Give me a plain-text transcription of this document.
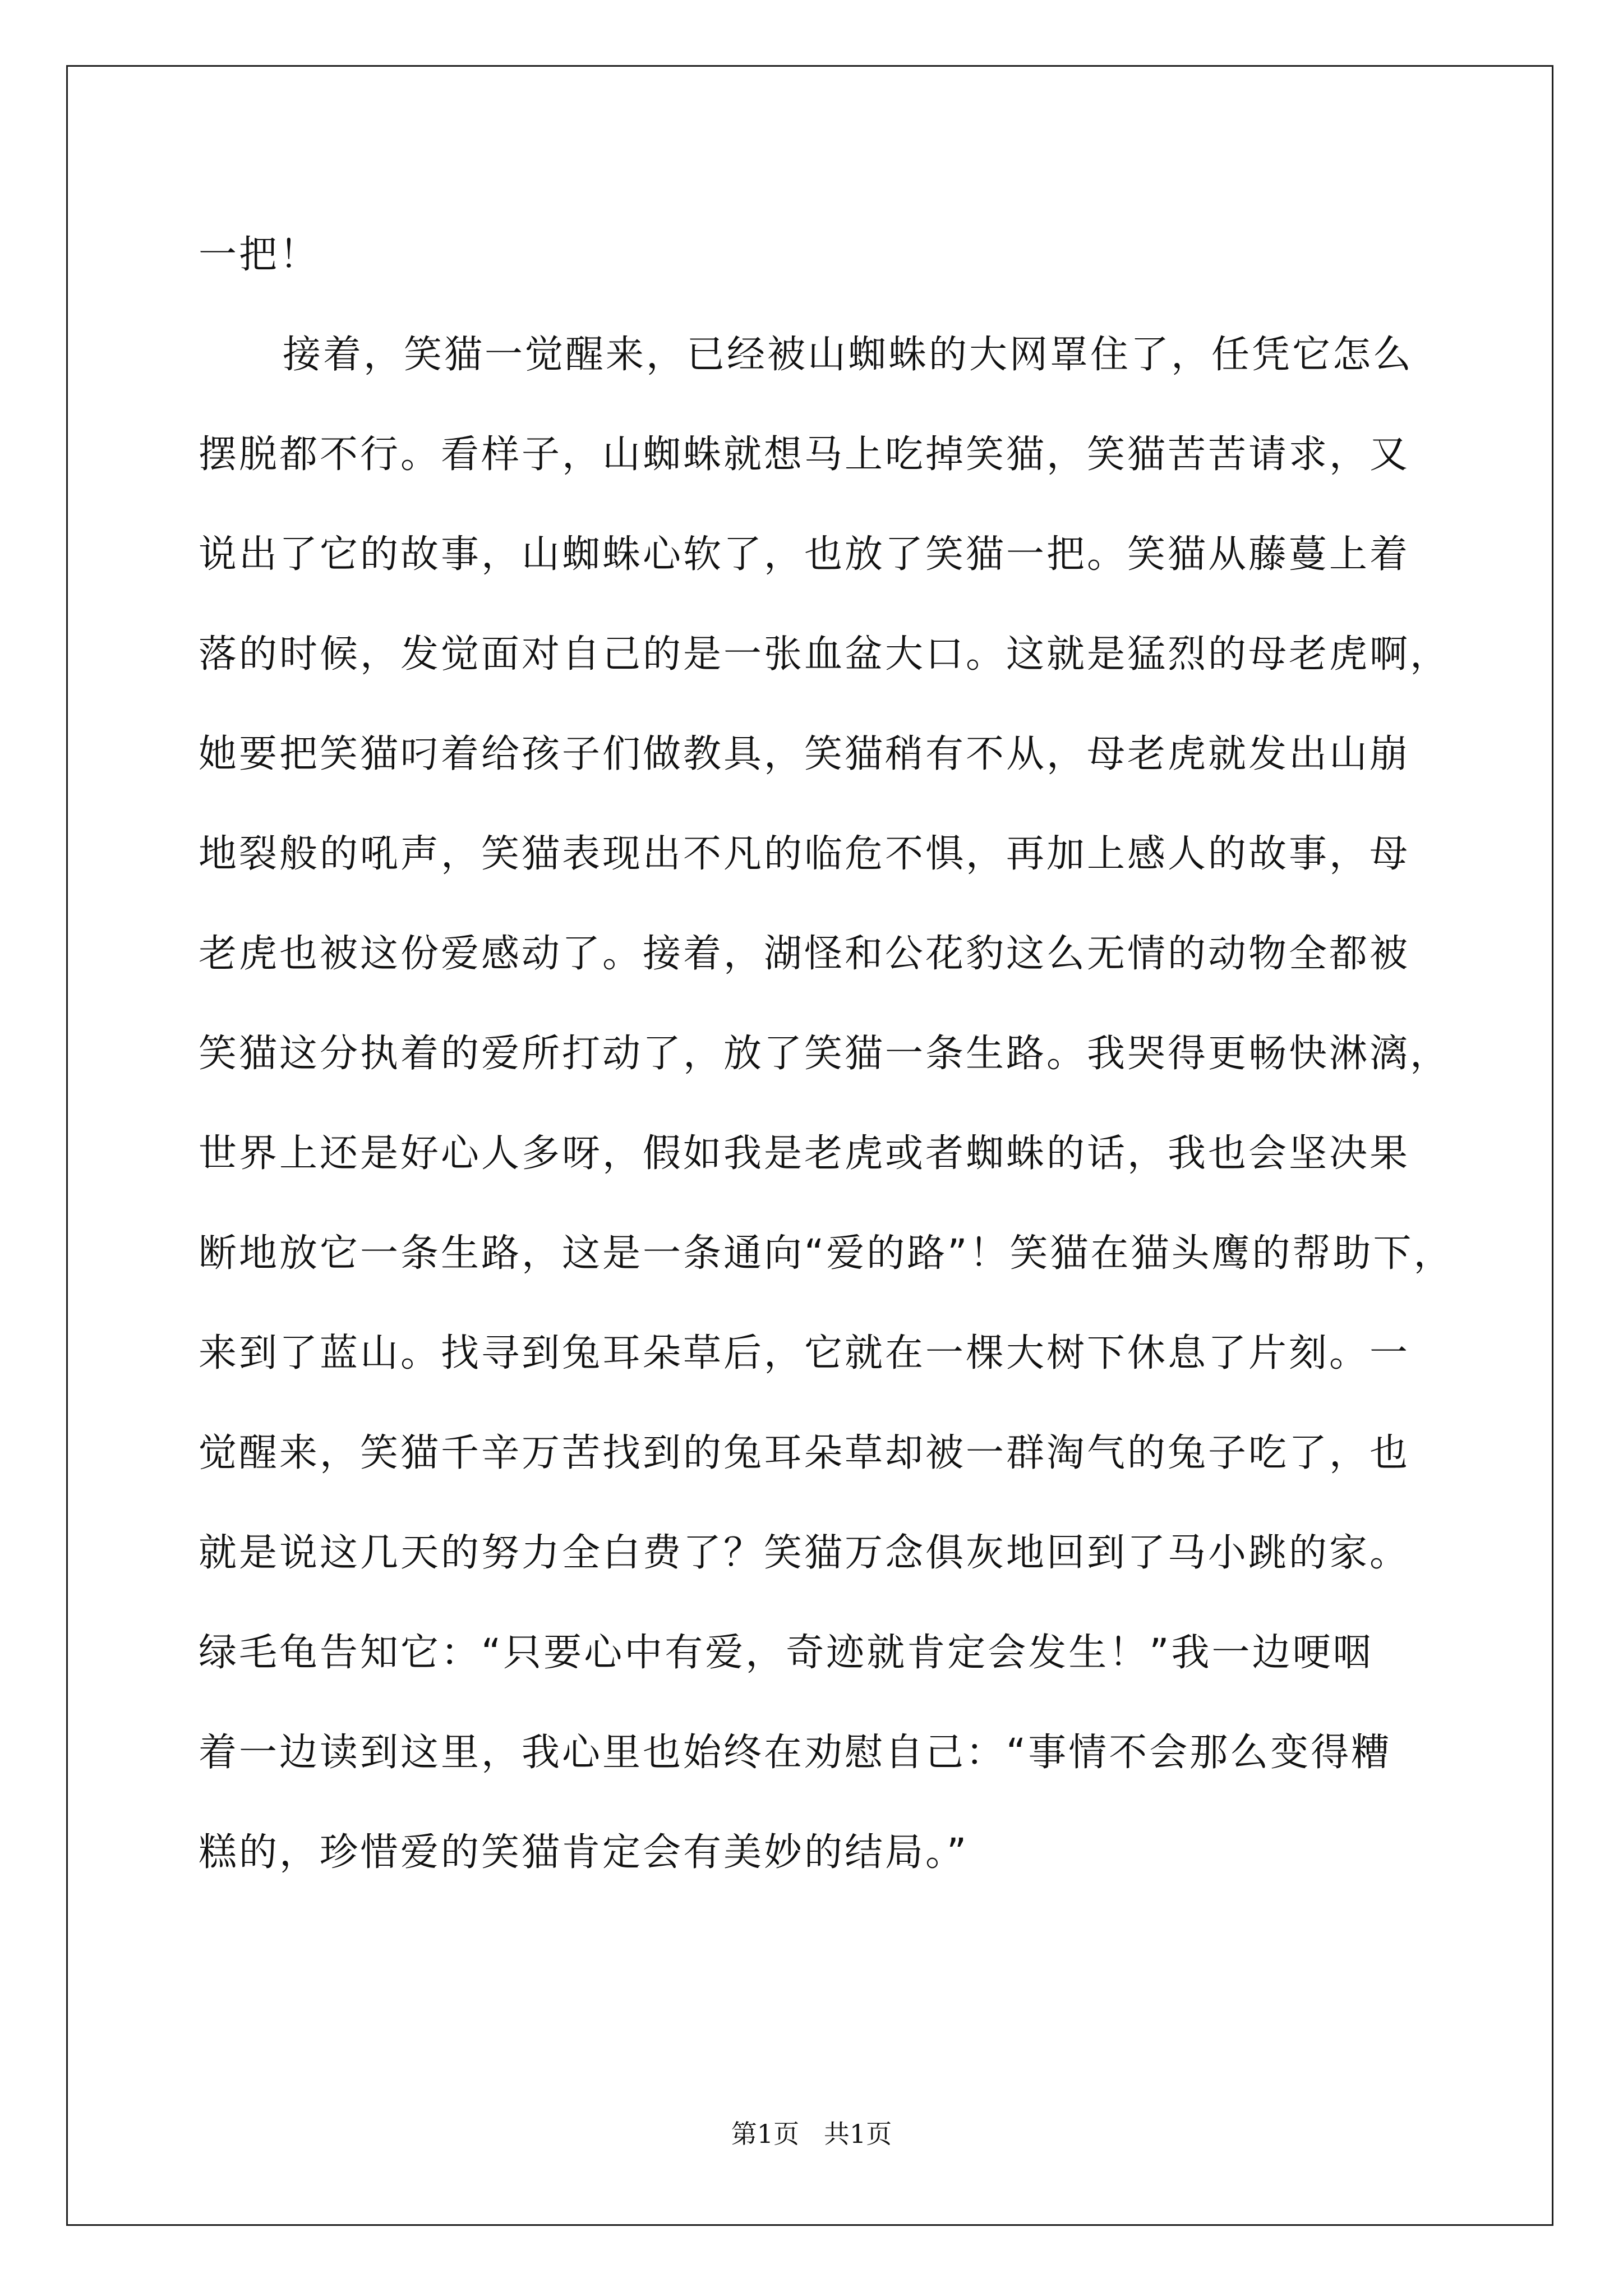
一把！
接着，笑猫一觉醒来，已经被山蜘蛛的大网罩住了，任凭它怎么
摆脱都不行。看样子，山蜘蛛就想马上吃掉笑猫，笑猫苦苦请求，又
说出了它的故事，山蜘蛛心软了，也放了笑猫一把。笑猫从藤蔓上着
落的时候，发觉面对自己的是一张血盆大口。这就是猛烈的母老虎啊，
她要把笑猫叼着给孩子们做教具，笑猫稍有不从，母老虎就发出山崩
地裂般的吼声，笑猫表现出不凡的临危不惧，再加上感人的故事，母
老虎也被这份爱感动了。接着，湖怪和公花豹这么无情的动物全都被
笑猫这分执着的爱所打动了，放了笑猫一条生路。我哭得更畅快淋漓，
世界上还是好心人多呀，假如我是老虎或者蜘蛛的话，我也会坚决果
断地放它一条生路，这是一条通向“爱的路”！笑猫在猫头鹰的帮助下，
来到了蓝山。找寻到兔耳朵草后，它就在一棵大树下休息了片刻。一
觉醒来，笑猫千辛万苦找到的兔耳朵草却被一群淘气的兔子吃了，也
就是说这几天的努力全白费了？笑猫万念俱灰地回到了马小跳的家。
绿毛龟告知它：“只要心中有爱，奇迹就肯定会发生！”我一边哽咽
着一边读到这里，我心里也始终在劝慰自己：“事情不会那么变得糟
糕的，珍惜爱的笑猫肯定会有美妙的结局。”
第1页   共1页
